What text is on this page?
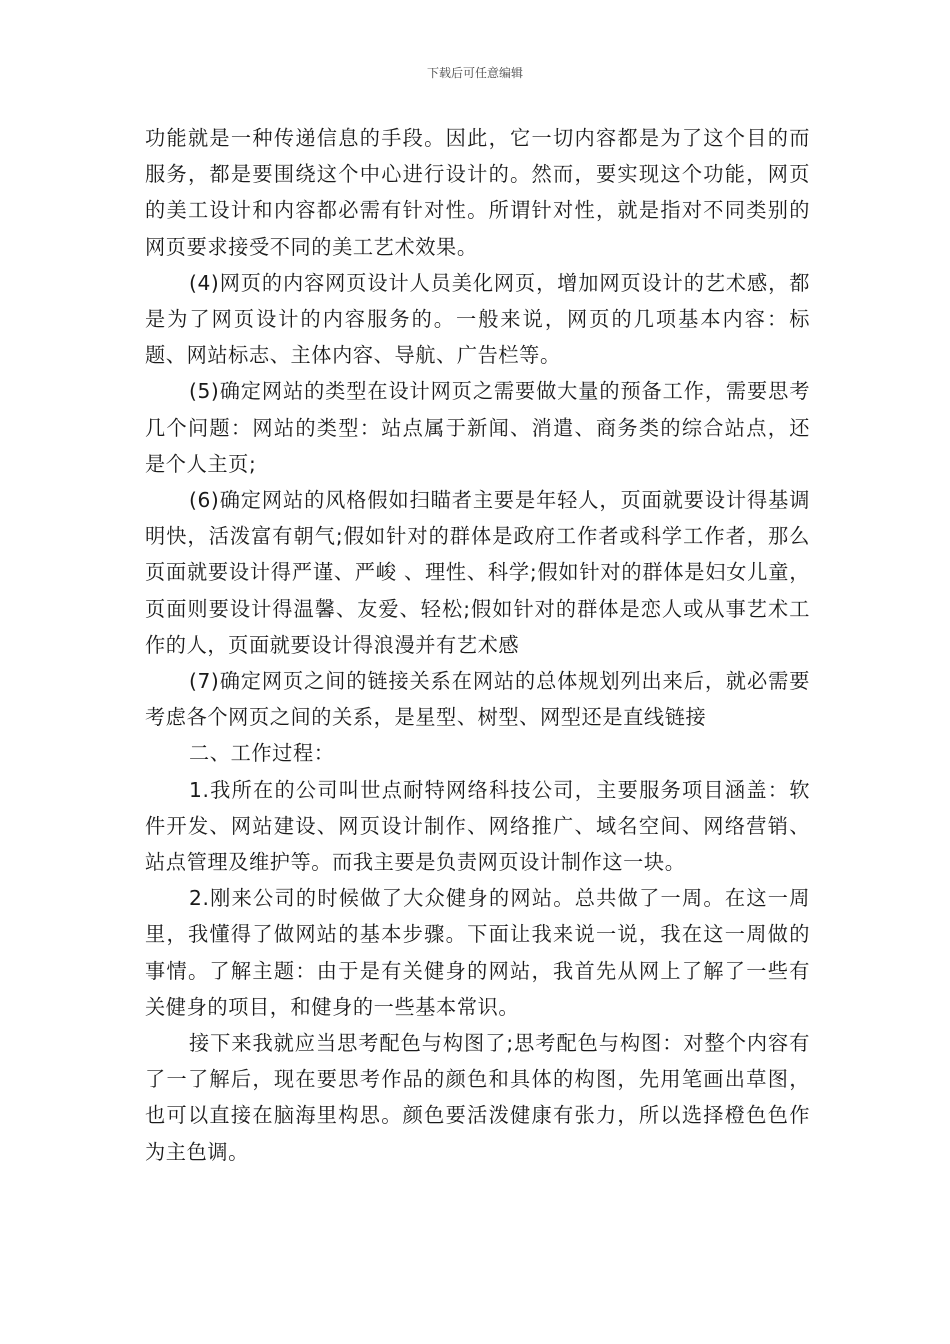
下载后可任意编辑

功能就是一种传递信息的手段。因此，它一切内容都是为了这个目的而服务，都是要围绕这个中心进行设计的。然而，要实现这个功能，网页的美工设计和内容都必需有针对性。所谓针对性，就是指对不同类别的网页要求接受不同的美工艺术效果。

(4)网页的内容网页设计人员美化网页，增加网页设计的艺术感，都是为了网页设计的内容服务的。一般来说，网页的几项基本内容：标题、网站标志、主体内容、导航、广告栏等。

(5)确定网站的类型在设计网页之需要做大量的预备工作，需要思考几个问题：网站的类型：站点属于新闻、消遣、商务类的综合站点，还是个人主页;

(6)确定网站的风格假如扫瞄者主要是年轻人，页面就要设计得基调明快，活泼富有朝气;假如针对的群体是政府工作者或科学工作者，那么页面就要设计得严谨、严峻 、理性、科学;假如针对的群体是妇女儿童，页面则要设计得温馨、友爱、轻松;假如针对的群体是恋人或从事艺术工作的人，页面就要设计得浪漫并有艺术感

(7)确定网页之间的链接关系在网站的总体规划列出来后，就必需要考虑各个网页之间的关系，是星型、树型、网型还是直线链接

二、工作过程：

1.我所在的公司叫世点耐特网络科技公司，主要服务项目涵盖：软件开发、网站建设、网页设计制作、网络推广、域名空间、网络营销、站点管理及维护等。而我主要是负责网页设计制作这一块。

2.刚来公司的时候做了大众健身的网站。总共做了一周。在这一周里，我懂得了做网站的基本步骤。下面让我来说一说，我在这一周做的事情。了解主题：由于是有关健身的网站，我首先从网上了解了一些有关健身的项目，和健身的一些基本常识。

接下来我就应当思考配色与构图了;思考配色与构图：对整个内容有了一了解后，现在要思考作品的颜色和具体的构图，先用笔画出草图，也可以直接在脑海里构思。颜色要活泼健康有张力，所以选择橙色色作为主色调。
